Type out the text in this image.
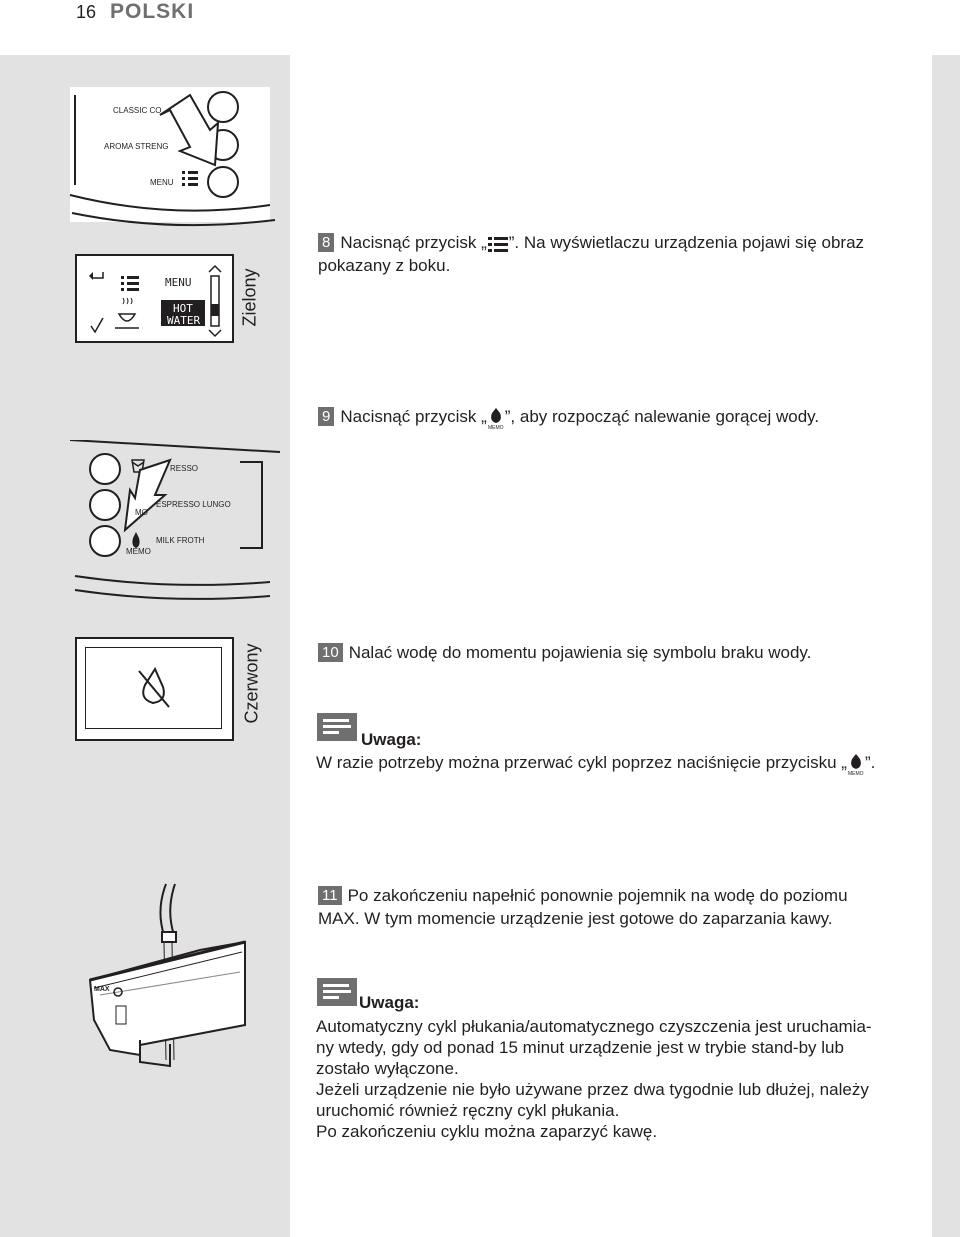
16 POLSKI
CLASSIC CO
AROMA STRENG
MENU
MENU
HOT
WATER Zielony
8 Nacisnąć przycisk „ ”. Na wyświetlaczu urządzenia pojawi się obraz pokazany z boku.
9 Nacisnąć przycisk „
MEMO
”, aby rozpocząć nalewanie gorącej wody.
RESSO
ESPRESSO LUNGO
MO
MILK FROTH
MEMO
Czerwony	10 Nalać wodę do momentu pojawienia się symbolu braku wody.
Uwaga:
W razie potrzeby można przerwać cykl poprzez naciśnięcie przycisku „
MEMO
”.
MAX
11 Po zakończeniu napełnić ponownie pojemnik na wodę do poziomu MAX. W tym momencie urządzenie jest gotowe do zaparzania kawy.
Uwaga:
Automatyczny cykl płukania/automatycznego czyszczenia jest uruchamia-
ny wtedy, gdy od ponad 15 minut urządzenie jest w trybie stand-by lub
zostało wyłączone.
Jeżeli urządzenie nie było używane przez dwa tygodnie lub dłużej, należy
uruchomić również ręczny cykl płukania.
Po zakończeniu cyklu można zaparzyć kawę.
